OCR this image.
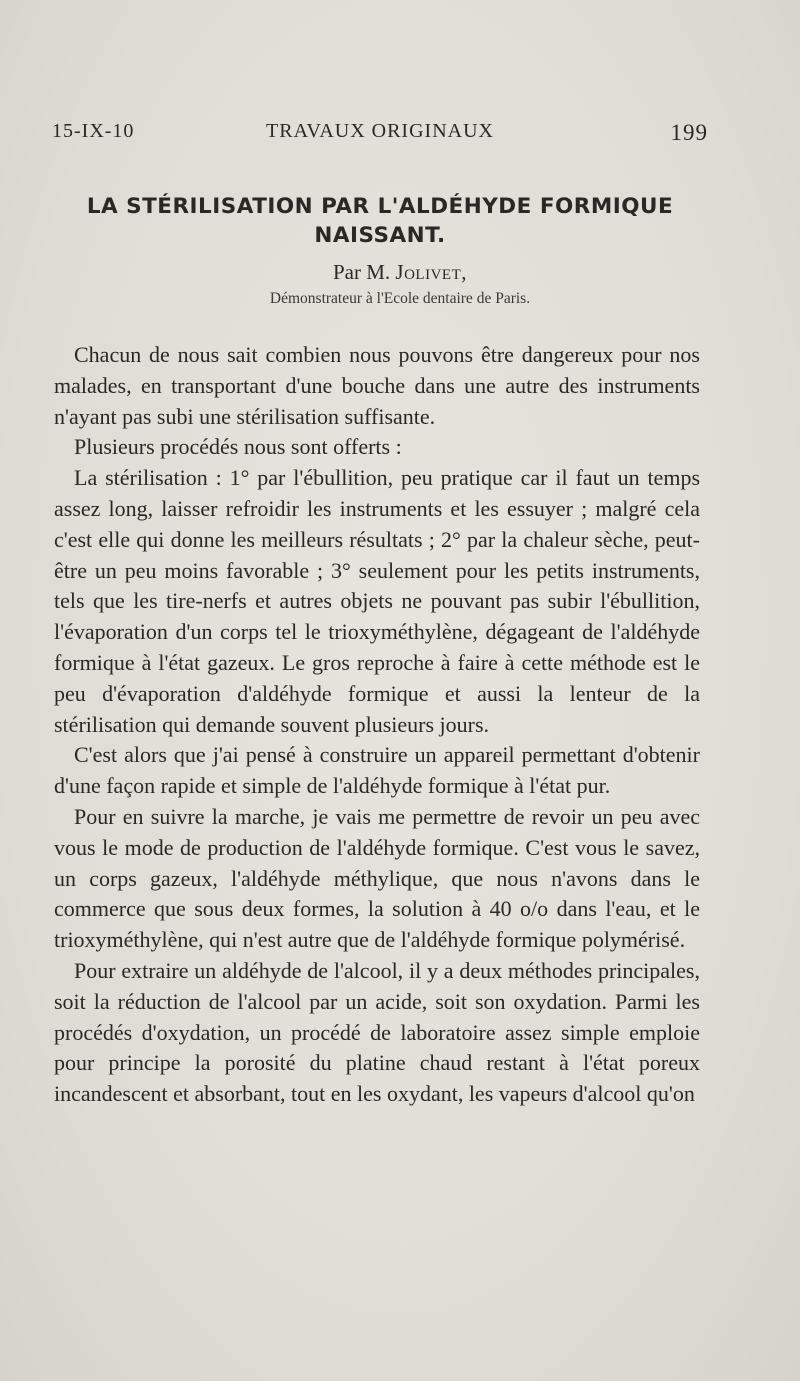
15-IX-10	TRAVAUX ORIGINAUX	199
LA STÉRILISATION PAR L'ALDÉHYDE FORMIQUE NAISSANT.
Par M. Jolivet,
Démonstrateur à l'Ecole dentaire de Paris.

Chacun de nous sait combien nous pouvons être dangereux pour nos malades, en transportant d'une bouche dans une autre des instruments n'ayant pas subi une stérilisation suffisante.

Plusieurs procédés nous sont offerts :

La stérilisation : 1° par l'ébullition, peu pratique car il faut un temps assez long, laisser refroidir les instruments et les essuyer ; malgré cela c'est elle qui donne les meilleurs résultats ; 2° par la chaleur sèche, peut-être un peu moins favorable ; 3° seulement pour les petits instruments, tels que les tire-nerfs et autres objets ne pouvant pas subir l'ébullition, l'évaporation d'un corps tel le trioxyméthylène, dégageant de l'aldéhyde formique à l'état gazeux. Le gros reproche à faire à cette méthode est le peu d'évaporation d'aldéhyde formique et aussi la lenteur de la stérilisation qui demande souvent plusieurs jours.

C'est alors que j'ai pensé à construire un appareil permettant d'obtenir d'une façon rapide et simple de l'aldéhyde formique à l'état pur.

Pour en suivre la marche, je vais me permettre de revoir un peu avec vous le mode de production de l'aldéhyde formique. C'est vous le savez, un corps gazeux, l'aldéhyde méthylique, que nous n'avons dans le commerce que sous deux formes, la solution à 40 o/o dans l'eau, et le trioxyméthylène, qui n'est autre que de l'aldéhyde formique polymérisé.

Pour extraire un aldéhyde de l'alcool, il y a deux méthodes principales, soit la réduction de l'alcool par un acide, soit son oxydation. Parmi les procédés d'oxydation, un procédé de laboratoire assez simple emploie pour principe la porosité du platine chaud restant à l'état poreux incandescent et absorbant, tout en les oxydant, les vapeurs d'alcool qu'on
